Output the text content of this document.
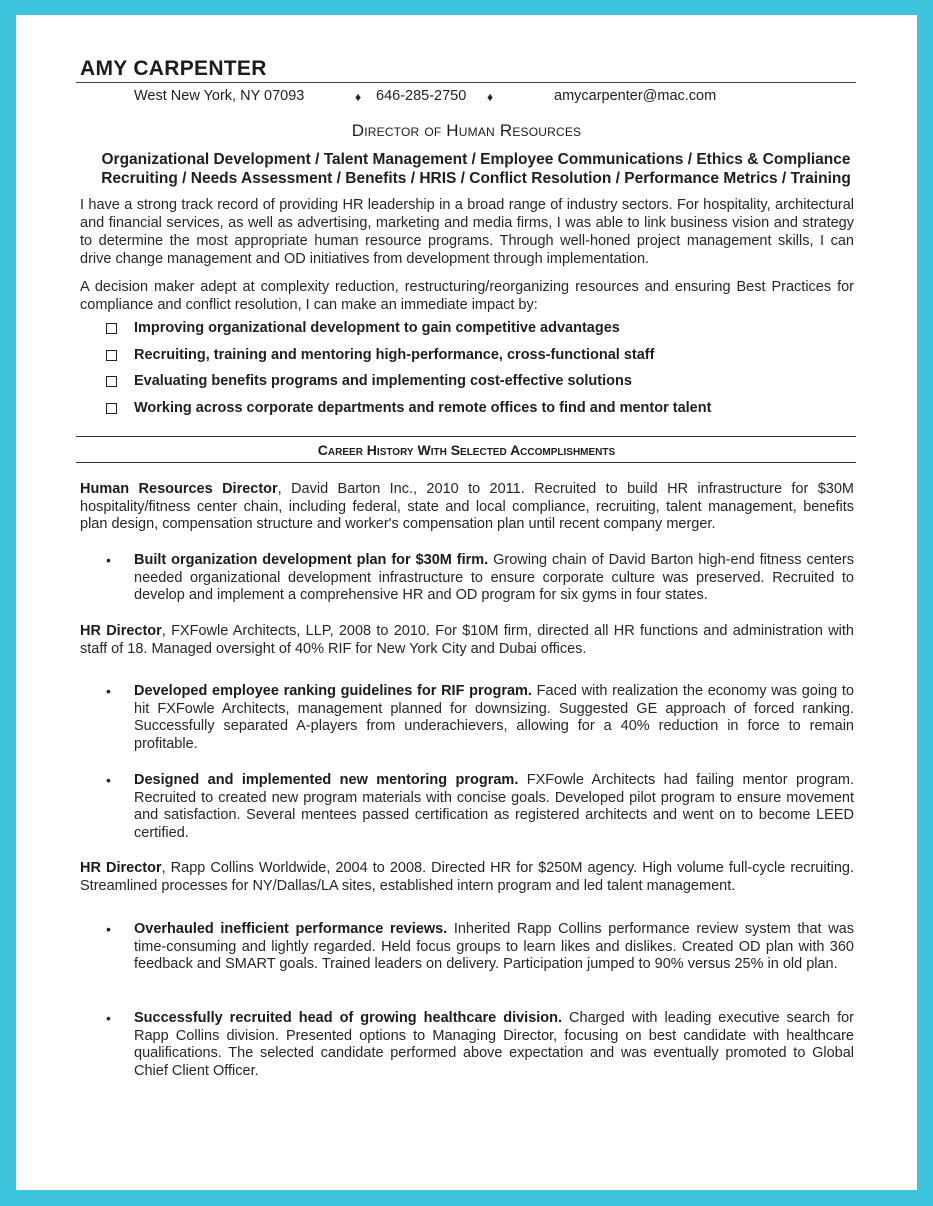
AMY CARPENTER
West New York, NY 07093	♦ 646-285-2750 ♦	amycarpenter@mac.com
Director of Human Resources
Organizational Development / Talent Management / Employee Communications / Ethics & Compliance
Recruiting / Needs Assessment / Benefits / HRIS / Conflict Resolution / Performance Metrics / Training
I have a strong track record of providing HR leadership in a broad range of industry sectors. For hospitality, architectural and financial services, as well as advertising, marketing and media firms, I was able to link business vision and strategy to determine the most appropriate human resource programs. Through well-honed project management skills, I can drive change management and OD initiatives from development through implementation.
A decision maker adept at complexity reduction, restructuring/reorganizing resources and ensuring Best Practices for compliance and conflict resolution, I can make an immediate impact by:
Improving organizational development to gain competitive advantages
Recruiting, training and mentoring high-performance, cross-functional staff
Evaluating benefits programs and implementing cost-effective solutions
Working across corporate departments and remote offices to find and mentor talent
Career History With Selected Accomplishments
Human Resources Director, David Barton Inc., 2010 to 2011. Recruited to build HR infrastructure for $30M hospitality/fitness center chain, including federal, state and local compliance, recruiting, talent management, benefits plan design, compensation structure and worker's compensation plan until recent company merger.
• Built organization development plan for $30M firm. Growing chain of David Barton high-end fitness centers needed organizational development infrastructure to ensure corporate culture was preserved. Recruited to develop and implement a comprehensive HR and OD program for six gyms in four states.
HR Director, FXFowle Architects, LLP, 2008 to 2010. For $10M firm, directed all HR functions and administration with staff of 18. Managed oversight of 40% RIF for New York City and Dubai offices.
• Developed employee ranking guidelines for RIF program. Faced with realization the economy was going to hit FXFowle Architects, management planned for downsizing. Suggested GE approach of forced ranking. Successfully separated A-players from underachievers, allowing for a 40% reduction in force to remain profitable.
• Designed and implemented new mentoring program. FXFowle Architects had failing mentor program. Recruited to created new program materials with concise goals. Developed pilot program to ensure movement and satisfaction. Several mentees passed certification as registered architects and went on to become LEED certified.
HR Director, Rapp Collins Worldwide, 2004 to 2008. Directed HR for $250M agency. High volume full-cycle recruiting. Streamlined processes for NY/Dallas/LA sites, established intern program and led talent management.
• Overhauled inefficient performance reviews. Inherited Rapp Collins performance review system that was time-consuming and lightly regarded. Held focus groups to learn likes and dislikes. Created OD plan with 360 feedback and SMART goals. Trained leaders on delivery. Participation jumped to 90% versus 25% in old plan.
• Successfully recruited head of growing healthcare division. Charged with leading executive search for Rapp Collins division. Presented options to Managing Director, focusing on best candidate with healthcare qualifications. The selected candidate performed above expectation and was eventually promoted to Global Chief Client Officer.
